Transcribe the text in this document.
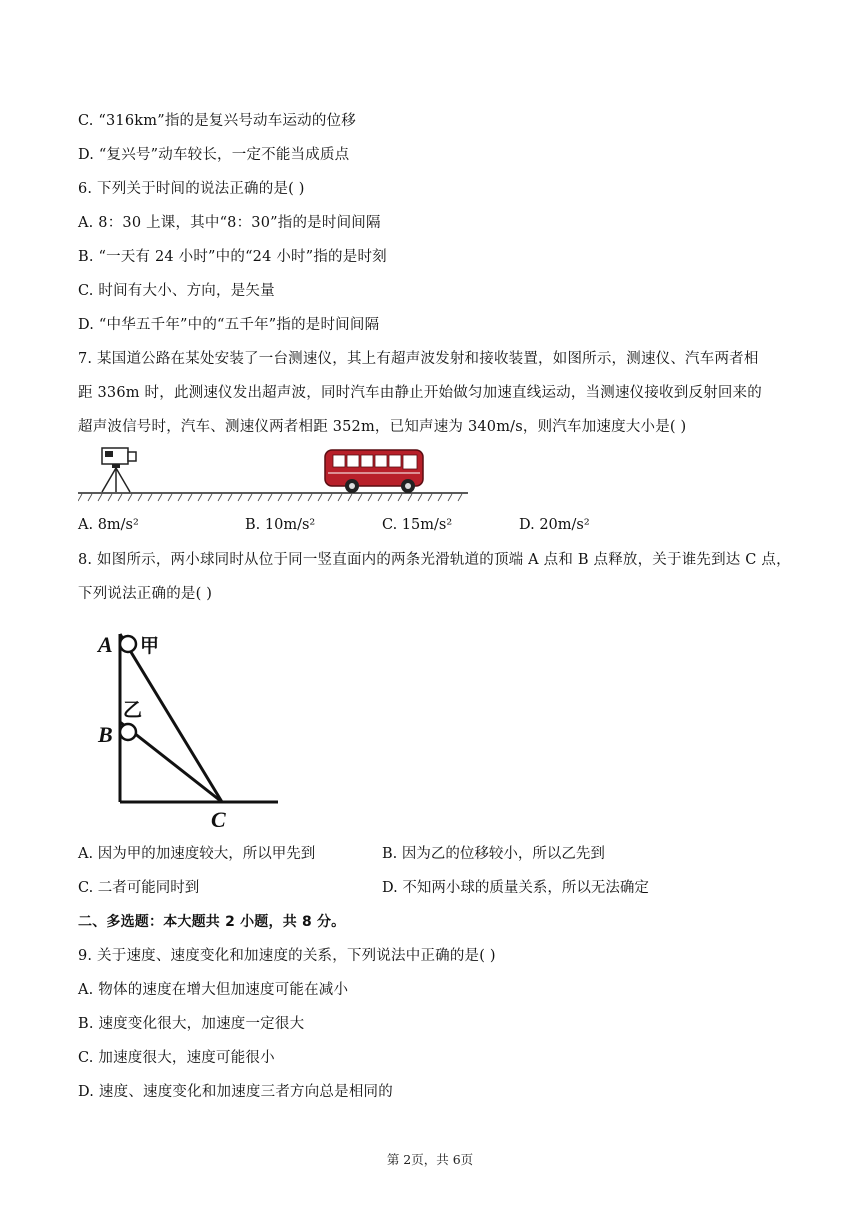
C. “316km”指的是复兴号动车运动的位移
D. “复兴号”动车较长，一定不能当成质点
6. 下列关于时间的说法正确的是( )
A. 8：30 上课，其中“8：30”指的是时间间隔
B. “一天有 24 小时”中的“24 小时”指的是时刻
C. 时间有大小、方向，是矢量
D. “中华五千年”中的“五千年”指的是时间间隔
7. 某国道公路在某处安装了一台测速仪，其上有超声波发射和接收装置，如图所示，测速仪、汽车两者相
距 336m 时，此测速仪发出超声波，同时汽车由静止开始做匀加速直线运动，当测速仪接收到反射回来的
超声波信号时，汽车、测速仪两者相距 352m，已知声速为 340m/s，则汽车加速度大小是( )
A. 8m/s²	B. 10m/s²	C. 15m/s²	D. 20m/s²
8. 如图所示，两小球同时从位于同一竖直面内的两条光滑轨道的顶端 A 点和 B 点释放，关于谁先到达 C 点，
下列说法正确的是( )
A
B
C
甲
乙
A. 因为甲的加速度较大，所以甲先到	B. 因为乙的位移较小，所以乙先到
C. 二者可能同时到	D. 不知两小球的质量关系，所以无法确定
二、多选题：本大题共 2 小题，共 8 分。
9. 关于速度、速度变化和加速度的关系，下列说法中正确的是( )
A. 物体的速度在增大但加速度可能在减小
B. 速度变化很大，加速度一定很大
C. 加速度很大，速度可能很小
D. 速度、速度变化和加速度三者方向总是相同的
第 2页，共 6页
